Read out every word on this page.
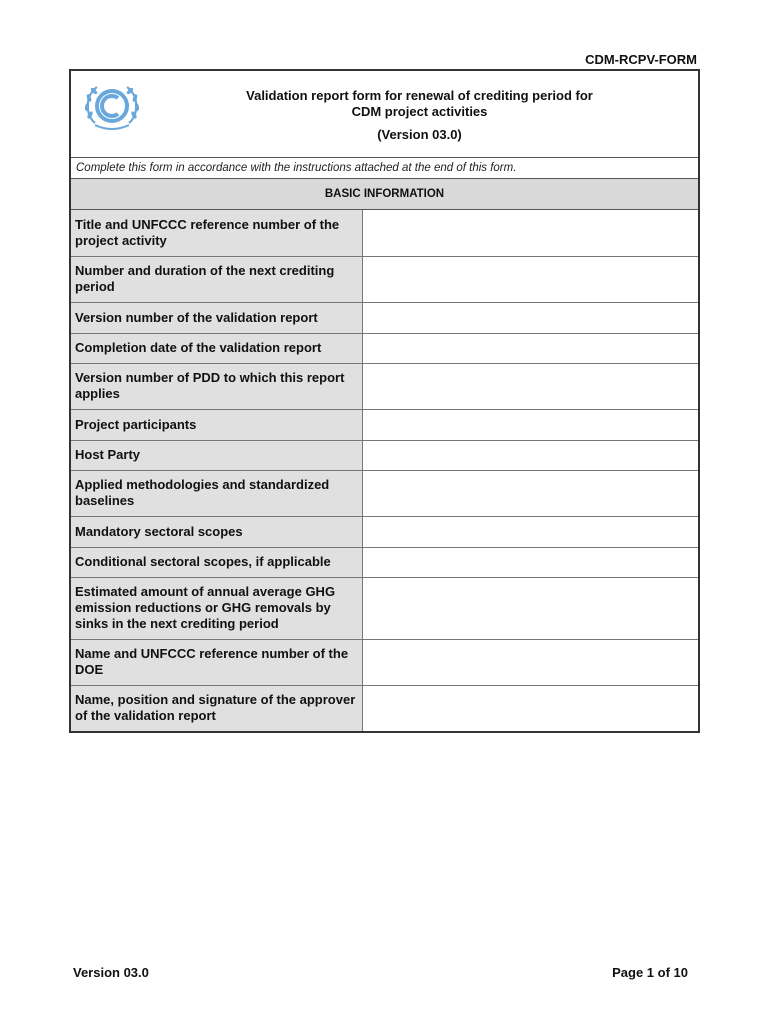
CDM-RCPV-FORM
Validation report form for renewal of crediting period for
CDM project activities
(Version 03.0)
Complete this form in accordance with the instructions attached at the end of this form.
BASIC INFORMATION
Title and UNFCCC reference number of the project activity	
Number and duration of the next crediting period	
Version number of the validation report	
Completion date of the validation report	
Version number of PDD to which this report applies	
Project participants	
Host Party	
Applied methodologies and standardized baselines	
Mandatory sectoral scopes	
Conditional sectoral scopes, if applicable	
Estimated amount of annual average GHG emission reductions or GHG removals by sinks in the next crediting period	
Name and UNFCCC reference number of the DOE	
Name, position and signature of the approver of the validation report	
Version 03.0	Page 1 of 10
